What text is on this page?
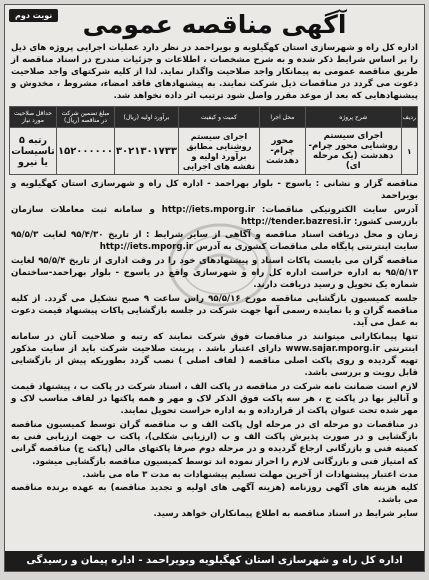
نوبت دوم	آگهی مناقصه عمومی
اداره کل راه و شهرسازی استان کهگیلویه و بویراحمد در نظر دارد عملیات اجرایی پروژه های ذیل را بر اساس شرایط ذکر شده و به شرح مشخصات ، اطلاعات و جزئیات مندرج در اسناد مناقصه از طریق مناقصه عمومی به پیمانکار واجد صلاحیت واگذار نماید. لذا از کلیه شرکتهای واجد صلاحیت دعوت می گردد در مناقصات ذیل شرکت نمایند. به پیشنهادهای فاقد امضاء، مشروط ، مخدوش و پیشنهادهایی که بعد از موعد مقرر واصل شود ترتیب اثر داده نخواهد شد.
ردیف	شرح پروژه	محل اجرا	کمیت و کیفیت	برآورد اولیه (ریال)	مبلغ تضمین شرکت در مناقصه (ریال)	حداقل صلاحیت مورد نیاز
۱	اجرای سیستم روشنایی محور چرام- دهدشت (یک مرحله ای)	محور چرام- دهدشت	اجرای سیستم روشنایی مطابق برآورد اولیه و نقشه های اجرایی	۳۰۲۱۳۰۱۷۳۳	۱۵۲۰۰۰۰۰۰	رتبه ۵ تاسیسات یا نیرو

مناقصه گزار و نشانی : یاسوج - بلوار بهراحمد - اداره کل راه و شهرسازی استان کهگیلویه و بویراحمد

آدرس سایت الکترونیکی مناقصات: http://iets.mporg.ir و سامانه ثبت معاملات سازمان بازرسی کشور: http://tender.bazresi.ir

زمان و محل دریافت اسناد مناقصه و آگاهی از سایر شرایط : از تاریخ ۹۵/۴/۳۰ لغایت ۹۵/۵/۳ سایت اینترنتی پایگاه ملی مناقصات کشوری به آدرس http://iets.mporg.ir

مناقصه گران می بایست پاکات اسناد و پیشنهادهای خود را در وقت اداری از تاریخ ۹۵/۵/۴ لغایت ۹۵/۵/۱۳ به اداره حراست اداره کل راه و شهرسازی واقع در یاسوج - بلوار بهراحمد-ساختمان شماره یک تحویل و رسید دریافت دارند.

جلسه کمیسیون بازگشایی مناقصه مورخ ۹۵/۵/۱۶ راس ساعت ۹ صبح تشکیل می گردد. از کلیه مناقصه گران و یا نماینده رسمی آنها جهت شرکت در جلسه بازگشایی پاکات پیشنهاد قیمت دعوت به عمل می آید.

تنها پیمانکارانی میتوانند در مناقصات فوق شرکت نمایند که رتبه و صلاحیت آنان در سامانه اینترنتی www.sajar.mporg.ir دارای اعتبار باشد . پرینت صلاحیت شرکت باید از سایت مذکور تهیه گردیده و روی پاکت اصلی مناقصه ( لفاف اصلی ) نصب گردد بطوریکه پیش از بازگشایی قابل رویت و بررسی باشد.

لازم است ضمانت نامه شرکت در مناقصه در پاکت الف ، اسناد شرکت در پاکت ب ، پیشنهاد قیمت و آنالیز بها در پاکت ج ، هر سه پاکت فوق الذکر لاک و مهر و همه پاکتها در لفاف مناسب لاک و مهر شده تحت عنوان پاکت از قرارداده و به اداره حراست تحویل نمایند.

در مناقصات دو مرحله ای در مرحله اول پاکت الف و ب مناقصه گران توسط کمیسیون مناقصه بازگشایی و در صورت پذیرش پاکت الف و ب (ارزیابی شکلی)، پاکت ب جهت ارزیابی فنی به کمیته فنی و بازرگانی ارجاع گردیده و در مرحله دوم صرفا پاکتهای مالی (پاکت ج) مناقصه گرانی که امتیاز فنی و بازرگانی لازم را احراز نموده اند توسط کمیسیون مناقصه بازگشایی میشود.

مدت اعتبار پیشنهادات از آخرین مهلت تسلیم پیشنهادات به مدت ۳ ماه می باشد.

کلیه هزینه های آگهی روزنامه (هزینه آگهی های اولیه و تجدید مناقصه) به عهده برنده مناقصه می باشد.

سایر شرایط در اسناد مناقصه به اطلاع پیمانکاران خواهد رسید.

اداره کل راه و شهرسازی استان کهگیلویه وبویراحمد - اداره پیمان و رسیدگی
